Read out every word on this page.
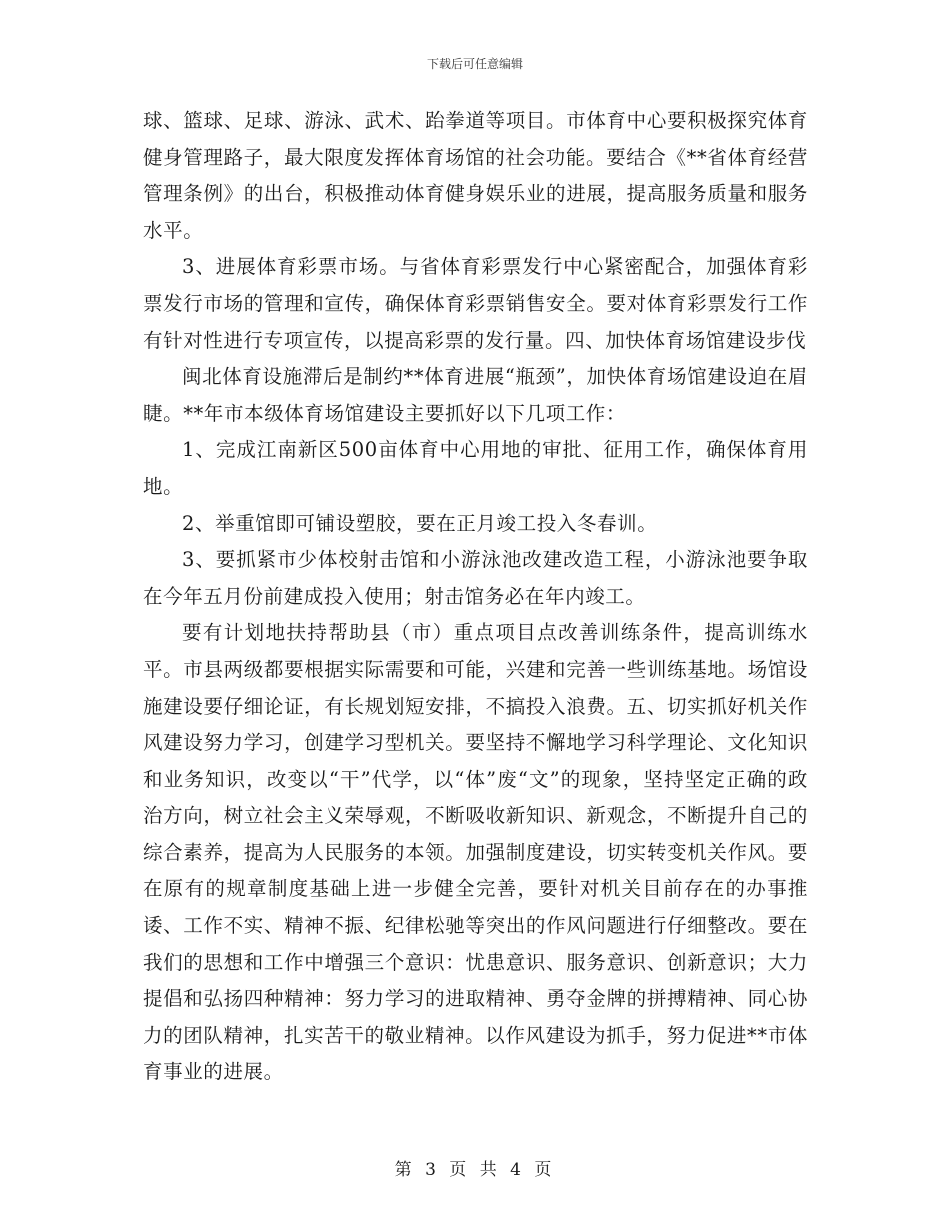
下载后可任意编辑

球、篮球、足球、游泳、武术、跆拳道等项目。市体育中心要积极探究体育健身管理路子，最大限度发挥体育场馆的社会功能。要结合《**省体育经营管理条例》的出台，积极推动体育健身娱乐业的进展，提高服务质量和服务水平。

3、进展体育彩票市场。与省体育彩票发行中心紧密配合，加强体育彩票发行市场的管理和宣传，确保体育彩票销售安全。要对体育彩票发行工作有针对性进行专项宣传，以提高彩票的发行量。四、加快体育场馆建设步伐

闽北体育设施滞后是制约**体育进展“瓶颈”，加快体育场馆建设迫在眉睫。**年市本级体育场馆建设主要抓好以下几项工作：

1、完成江南新区500亩体育中心用地的审批、征用工作，确保体育用地。

2、举重馆即可铺设塑胶，要在正月竣工投入冬春训。

3、要抓紧市少体校射击馆和小游泳池改建改造工程，小游泳池要争取在今年五月份前建成投入使用；射击馆务必在年内竣工。

要有计划地扶持帮助县（市）重点项目点改善训练条件，提高训练水平。市县两级都要根据实际需要和可能，兴建和完善一些训练基地。场馆设施建设要仔细论证，有长规划短安排，不搞投入浪费。五、切实抓好机关作风建设努力学习，创建学习型机关。要坚持不懈地学习科学理论、文化知识和业务知识，改变以“干”代学，以“体”废“文”的现象，坚持坚定正确的政治方向，树立社会主义荣辱观，不断吸收新知识、新观念，不断提升自己的综合素养，提高为人民服务的本领。加强制度建设，切实转变机关作风。要在原有的规章制度基础上进一步健全完善，要针对机关目前存在的办事推诿、工作不实、精神不振、纪律松驰等突出的作风问题进行仔细整改。要在我们的思想和工作中增强三个意识：忧患意识、服务意识、创新意识；大力提倡和弘扬四种精神：努力学习的进取精神、勇夺金牌的拼搏精神、同心协力的团队精神，扎实苦干的敬业精神。以作风建设为抓手，努力促进**市体育事业的进展。

第 3 页 共 4 页
